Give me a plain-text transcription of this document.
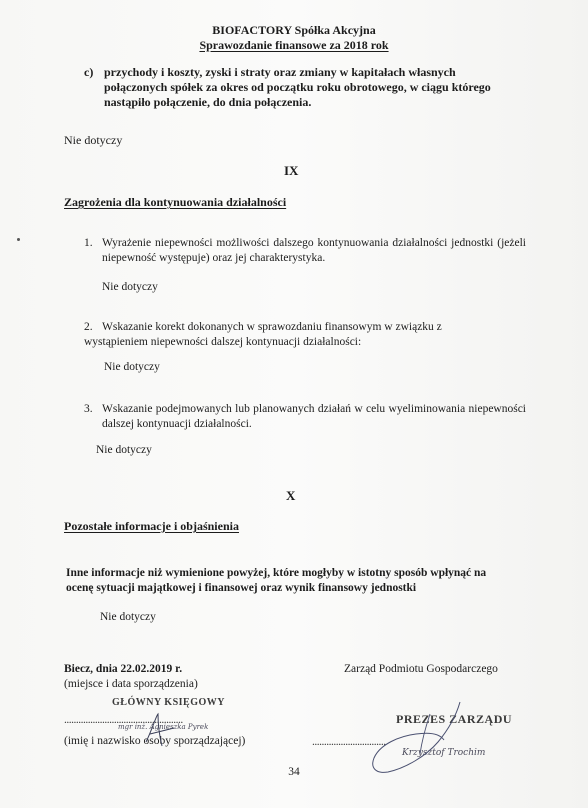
BIOFACTORY Spółka Akcyjna
Sprawozdanie finansowe za 2018 rok
c) przychody i koszty, zyski i straty oraz zmiany w kapitałach własnych połączonych spółek za okres od początku roku obrotowego, w ciągu którego nastąpiło połączenie, do dnia połączenia.
Nie dotyczy
IX
Zagrożenia dla kontynuowania działalności
1. Wyrażenie niepewności możliwości dalszego kontynuowania działalności jednostki (jeżeli niepewność występuje) oraz jej charakterystyka.
Nie dotyczy
2. Wskazanie korekt dokonanych w sprawozdaniu finansowym w związku z wystąpieniem niepewności dalszej kontynuacji działalności:
Nie dotyczy
3. Wskazanie podejmowanych lub planowanych działań w celu wyeliminowania niepewności dalszej kontynuacji działalności.
Nie dotyczy
X
Pozostałe informacje i objaśnienia
Inne informacje niż wymienione powyżej, które mogłyby w istotny sposób wpłynąć na ocenę sytuacji majątkowej i finansowej oraz wynik finansowy jednostki
Nie dotyczy
Biecz, dnia 22.02.2019 r.
(miejsce i data sporządzenia)
GŁÓWNY KSIĘGOWY
..................................................
mgr inż. Agnieszka Pyrek
(imię i nazwisko osoby sporządzającej)
Zarząd Podmiotu Gospodarczego
PREZES ZARZĄDU
...............................
Krzysztof Trochim
34
